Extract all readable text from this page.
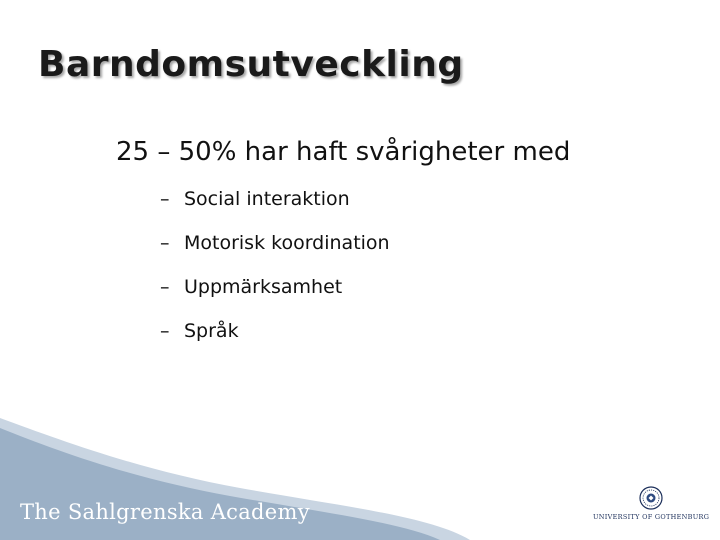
Barndomsutveckling
25 – 50% har haft svårigheter med
– Social interaktion
– Motorisk koordination
– Uppmärksamhet
– Språk
The Sahlgrenska Academy	UNIVERSITY OF GOTHENBURG
